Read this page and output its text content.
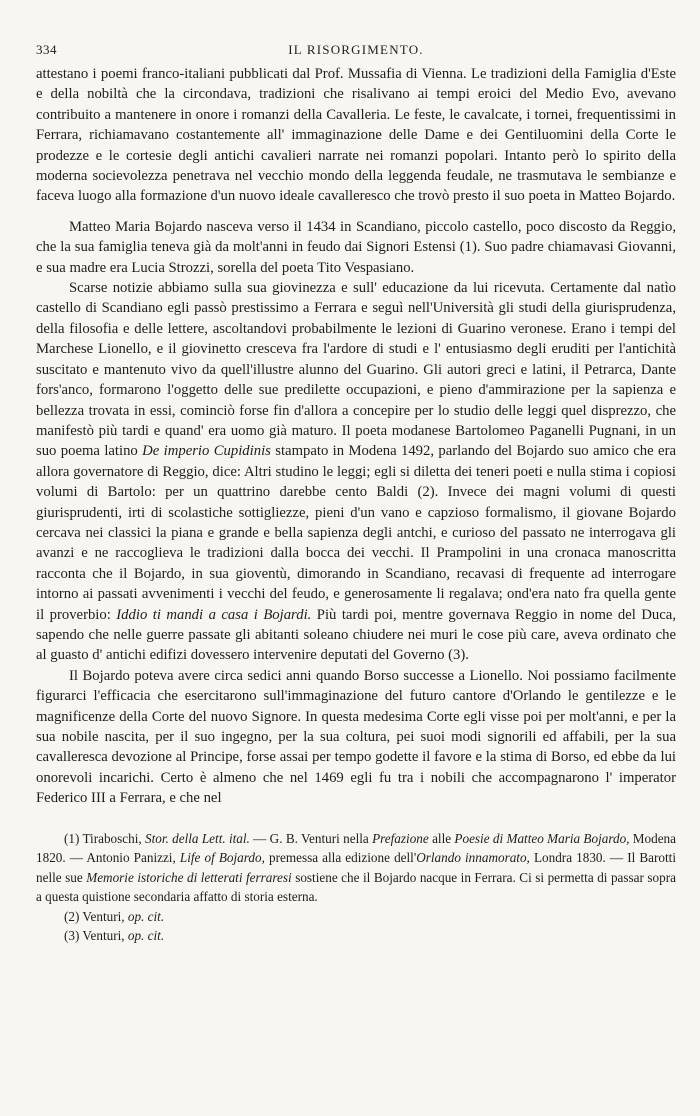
334	IL RISORGIMENTO.

attestano i poemi franco-italiani pubblicati dal Prof. Mussafia di Vienna. Le tradizioni della Famiglia d'Este e della nobiltà che la circondava, tradizioni che risalivano ai tempi eroici del Medio Evo, avevano contribuito a mantenere in onore i romanzi della Cavalleria. Le feste, le cavalcate, i tornei, frequentissimi in Ferrara, richiamavano costantemente all' immaginazione delle Dame e dei Gentiluomini della Corte le prodezze e le cortesie degli antichi cavalieri narrate nei romanzi popolari. Intanto però lo spirito della moderna socievolezza penetrava nel vecchio mondo della leggenda feudale, ne trasmutava le sembianze e faceva luogo alla formazione d'un nuovo ideale cavalleresco che trovò presto il suo poeta in Matteo Bojardo.

Matteo Maria Bojardo nasceva verso il 1434 in Scandiano, piccolo castello, poco discosto da Reggio, che la sua famiglia teneva già da molt'anni in feudo dai Signori Estensi (1). Suo padre chiamavasi Giovanni, e sua madre era Lucia Strozzi, sorella del poeta Tito Vespasiano.

Scarse notizie abbiamo sulla sua giovinezza e sull' educazione da lui ricevuta. Certamente dal natìo castello di Scandiano egli passò prestissimo a Ferrara e seguì nell'Università gli studi della giurisprudenza, della filosofia e delle lettere, ascoltandovi probabilmente le lezioni di Guarino veronese. Erano i tempi del Marchese Lionello, e il giovinetto cresceva fra l'ardore di studi e l' entusiasmo degli eruditi per l'antichità suscitato e mantenuto vivo da quell'illustre alunno del Guarino. Gli autori greci e latini, il Petrarca, Dante fors'anco, formarono l'oggetto delle sue predilette occupazioni, e pieno d'ammirazione per la sapienza e bellezza trovata in essi, cominciò forse fin d'allora a concepire per lo studio delle leggi quel disprezzo, che manifestò più tardi e quand' era uomo già maturo. Il poeta modanese Bartolomeo Paganelli Pugnani, in un suo poema latino De imperio Cupidinis stampato in Modena 1492, parlando del Bojardo suo amico che era allora governatore di Reggio, dice: Altri studino le leggi; egli si diletta dei teneri poeti e nulla stima i copiosi volumi di Bartolo: per un quattrino darebbe cento Baldi (2). Invece dei magni volumi di questi giurisprudenti, irti di scolastiche sottigliezze, pieni d'un vano e capzioso formalismo, il giovane Bojardo cercava nei classici la piana e grande e bella sapienza degli antchi, e curioso del passato ne interrogava gli avanzi e ne raccoglieva le tradizioni dalla bocca dei vecchi. Il Prampolini in una cronaca manoscritta racconta che il Bojardo, in sua gioventù, dimorando in Scandiano, recavasi di frequente ad interrogare intorno ai passati avvenimenti i vecchi del feudo, e generosamente li regalava; ond'era nato fra quella gente il proverbio: Iddio ti mandi a casa i Bojardi. Più tardi poi, mentre governava Reggio in nome del Duca, sapendo che nelle guerre passate gli abitanti soleano chiudere nei muri le cose più care, aveva ordinato che al guasto d' antichi edifizi dovessero intervenire deputati del Governo (3).

Il Bojardo poteva avere circa sedici anni quando Borso successe a Lionello. Noi possiamo facilmente figurarci l'efficacia che esercitarono sull'immaginazione del futuro cantore d'Orlando le gentilezze e le magnificenze della Corte del nuovo Signore. In questa medesima Corte egli visse poi per molt'anni, e per la sua nobile nascita, per il suo ingegno, per la sua coltura, pei suoi modi signorili ed affabili, per la sua cavalleresca devozione al Principe, forse assai per tempo godette il favore e la stima di Borso, ed ebbe da lui onorevoli incarichi. Certo è almeno che nel 1469 egli fu tra i nobili che accompagnarono l' imperator Federico III a Ferrara, e che nel

(1) Tiraboschi, Stor. della Lett. ital. — G. B. Venturi nella Prefazione alle Poesie di Matteo Maria Bojardo, Modena 1820. — Antonio Panizzi, Life of Bojardo, premessa alla edizione dell'Orlando innamorato, Londra 1830. — Il Barotti nelle sue Memorie istoriche di letterati ferraresi sostiene che il Bojardo nacque in Ferrara. Ci si permetta di passar sopra a questa quistione secondaria affatto di storia esterna.

(2) Venturi, op. cit.

(3) Venturi, op. cit.
